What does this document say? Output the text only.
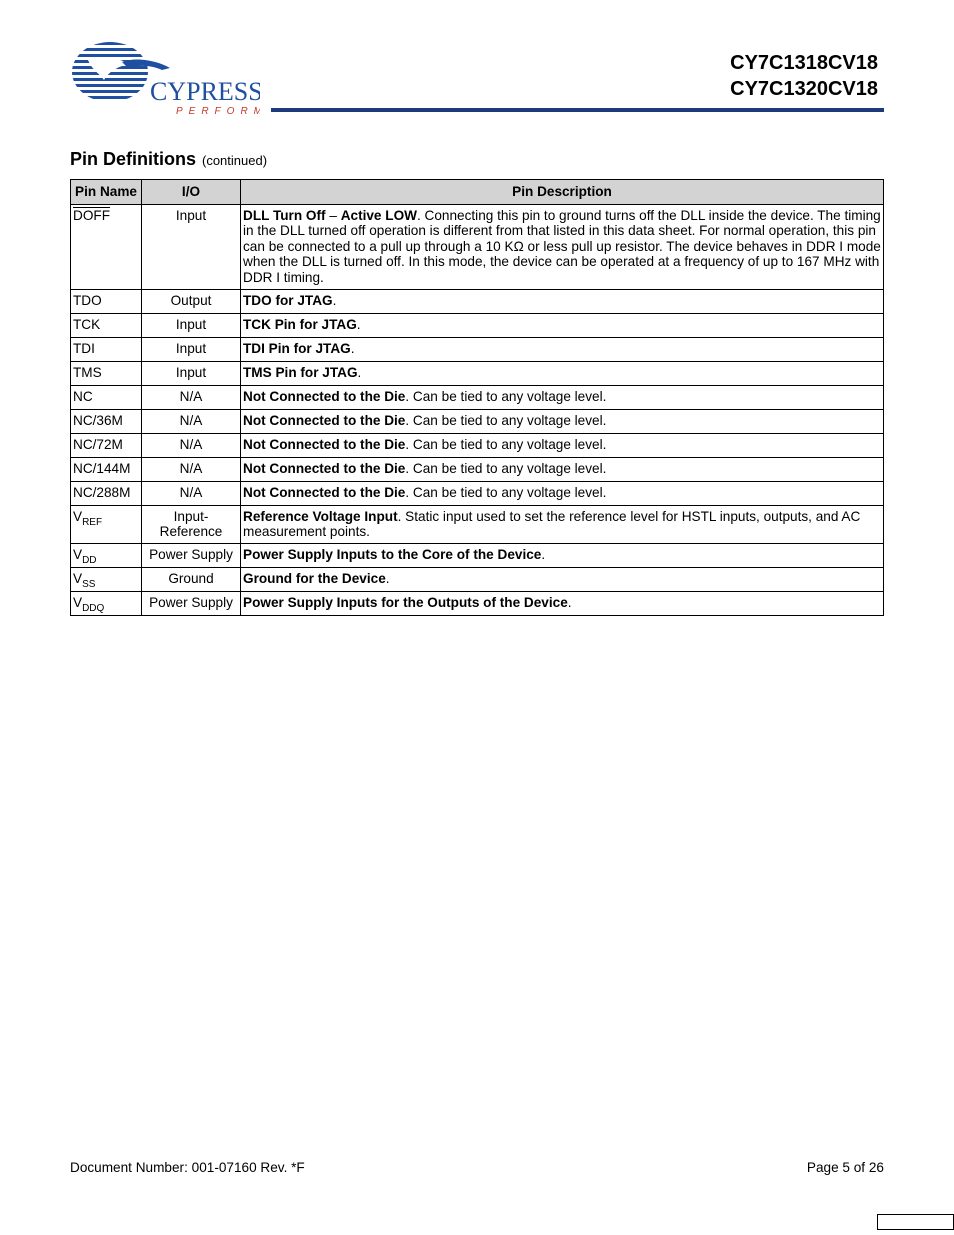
CYPRESS
PERFORM
CY7C1318CV18
CY7C1320CV18
Pin Definitions (continued)
Pin Name	I/O	Pin Description
DOFF	Input	DLL Turn Off – Active LOW. Connecting this pin to ground turns off the DLL inside the device. The timing in the DLL turned off operation is different from that listed in this data sheet. For normal operation, this pin can be connected to a pull up through a 10 KΩ or less pull up resistor. The device behaves in DDR I mode when the DLL is turned off. In this mode, the device can be operated at a frequency of up to 167 MHz with DDR I timing.
TDO	Output	TDO for JTAG.
TCK	Input	TCK Pin for JTAG.
TDI	Input	TDI Pin for JTAG.
TMS	Input	TMS Pin for JTAG.
NC	N/A	Not Connected to the Die. Can be tied to any voltage level.
NC/36M	N/A	Not Connected to the Die. Can be tied to any voltage level.
NC/72M	N/A	Not Connected to the Die. Can be tied to any voltage level.
NC/144M	N/A	Not Connected to the Die. Can be tied to any voltage level.
NC/288M	N/A	Not Connected to the Die. Can be tied to any voltage level.
$V_{REF}$	Input-Reference	Reference Voltage Input. Static input used to set the reference level for HSTL inputs, outputs, and AC measurement points.
$V_{DD}$	Power Supply	Power Supply Inputs to the Core of the Device.
$V_{SS}$	Ground	Ground for the Device.
$V_{DDQ}$	Power Supply	Power Supply Inputs for the Outputs of the Device.
Document Number: 001-07160 Rev. *F	Page 5 of 26
